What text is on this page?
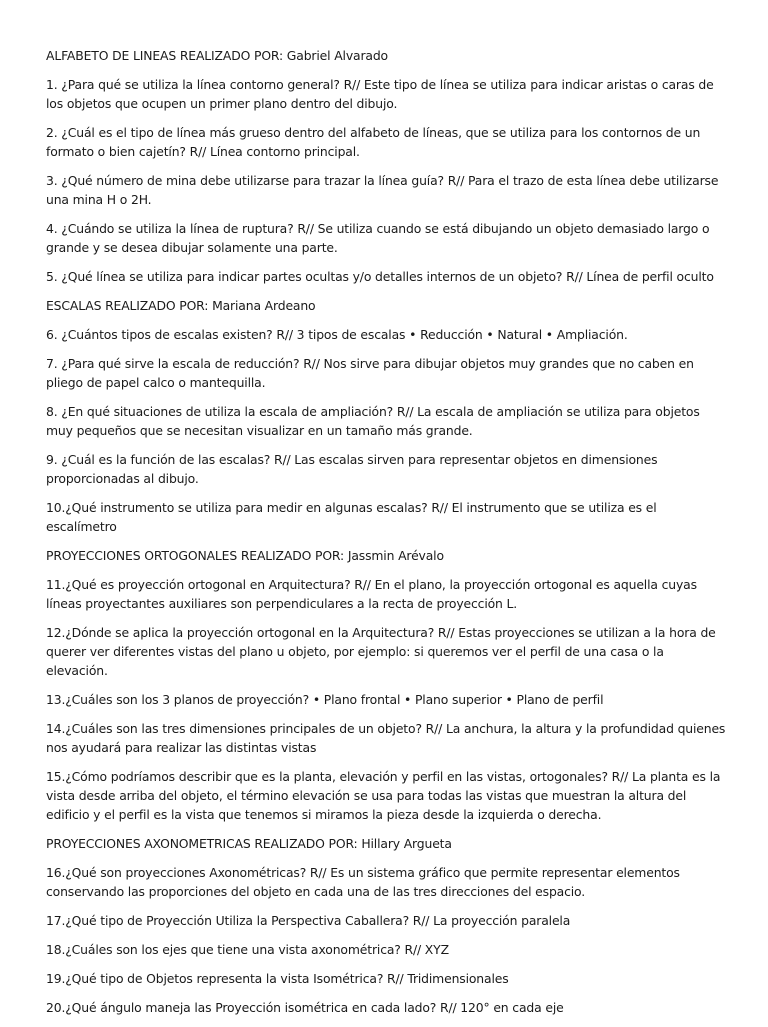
ALFABETO DE LINEAS REALIZADO POR: Gabriel Alvarado

1. ¿Para qué se utiliza la línea contorno general? R// Este tipo de línea se utiliza para indicar aristas o caras de los objetos que ocupen un primer plano dentro del dibujo.

2. ¿Cuál es el tipo de línea más grueso dentro del alfabeto de líneas, que se utiliza para los contornos de un formato o bien cajetín? R// Línea contorno principal.

3. ¿Qué número de mina debe utilizarse para trazar la línea guía? R// Para el trazo de esta línea debe utilizarse una mina H o 2H.

4. ¿Cuándo se utiliza la línea de ruptura? R// Se utiliza cuando se está dibujando un objeto demasiado largo o grande y se desea dibujar solamente una parte.

5. ¿Qué línea se utiliza para indicar partes ocultas y/o detalles internos de un objeto? R// Línea de perfil oculto

ESCALAS REALIZADO POR: Mariana Ardeano

6. ¿Cuántos tipos de escalas existen? R// 3 tipos de escalas • Reducción • Natural • Ampliación.

7. ¿Para qué sirve la escala de reducción? R// Nos sirve para dibujar objetos muy grandes que no caben en pliego de papel calco o mantequilla.

8. ¿En qué situaciones de utiliza la escala de ampliación? R// La escala de ampliación se utiliza para objetos muy pequeños que se necesitan visualizar en un tamaño más grande.

9. ¿Cuál es la función de las escalas? R// Las escalas sirven para representar objetos en dimensiones proporcionadas al dibujo.

10.¿Qué instrumento se utiliza para medir en algunas escalas? R// El instrumento que se utiliza es el escalímetro

PROYECCIONES ORTOGONALES REALIZADO POR: Jassmin Arévalo

11.¿Qué es proyección ortogonal en Arquitectura? R// En el plano, la proyección ortogonal es aquella cuyas líneas proyectantes auxiliares son perpendiculares a la recta de proyección L.

12.¿Dónde se aplica la proyección ortogonal en la Arquitectura? R// Estas proyecciones se utilizan a la hora de querer ver diferentes vistas del plano u objeto, por ejemplo: si queremos ver el perfil de una casa o la elevación.

13.¿Cuáles son los 3 planos de proyección? • Plano frontal • Plano superior • Plano de perfil

14.¿Cuáles son las tres dimensiones principales de un objeto? R// La anchura, la altura y la profundidad quienes nos ayudará para realizar las distintas vistas

15.¿Cómo podríamos describir que es la planta, elevación y perfil en las vistas, ortogonales? R// La planta es la vista desde arriba del objeto, el término elevación se usa para todas las vistas que muestran la altura del edificio y el perfil es la vista que tenemos si miramos la pieza desde la izquierda o derecha.

PROYECCIONES AXONOMETRICAS REALIZADO POR: Hillary Argueta

16.¿Qué son proyecciones Axonométricas? R// Es un sistema gráfico que permite representar elementos conservando las proporciones del objeto en cada una de las tres direcciones del espacio.

17.¿Qué tipo de Proyección Utiliza la Perspectiva Caballera? R// La proyección paralela

18.¿Cuáles son los ejes que tiene una vista axonométrica? R// XYZ

19.¿Qué tipo de Objetos representa la vista Isométrica? R// Tridimensionales

20.¿Qué ángulo maneja las Proyección isométrica en cada lado? R// 120° en cada eje
